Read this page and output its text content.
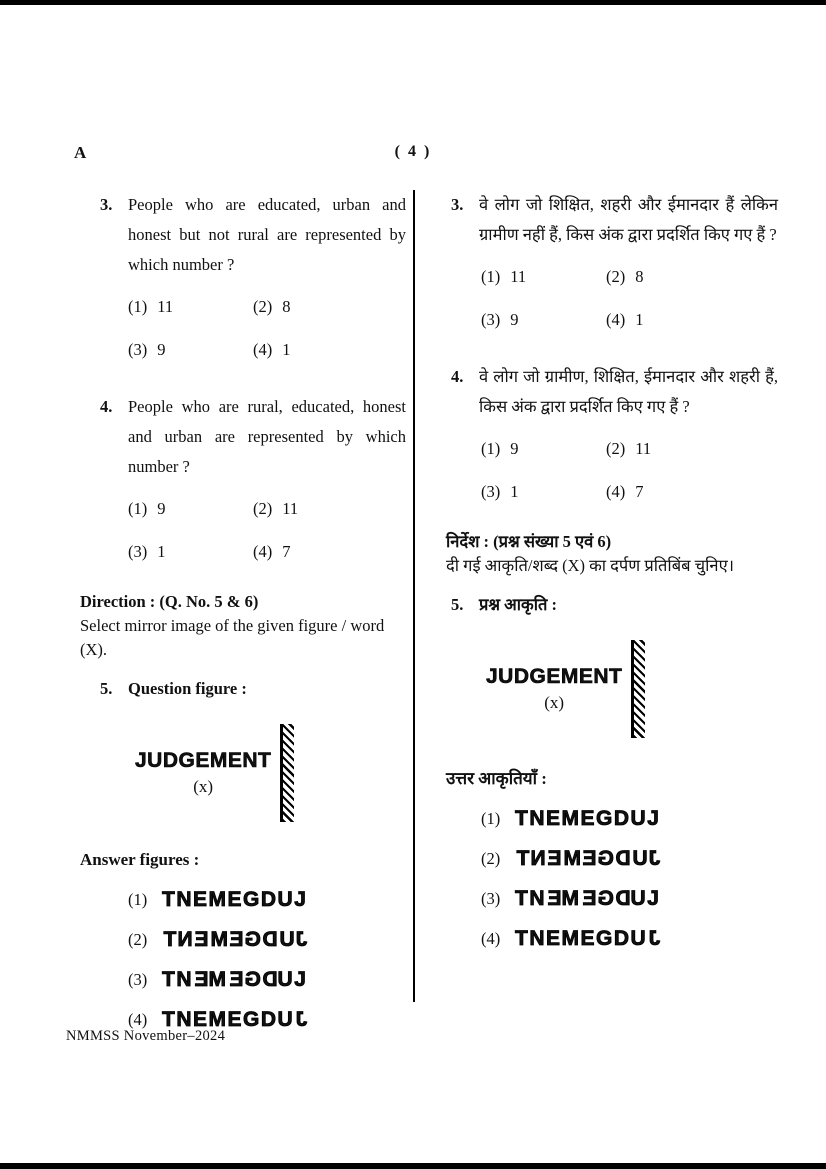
A	( 4 )
3. People who are educated, urban and honest but not rural are represented by which number ?
(1) 11	(2) 8
(3) 9	(4) 1
4. People who are rural, educated, honest and urban are represented by which number ?
(1) 9	(2) 11
(3) 1	(4) 7
Direction : (Q. No. 5 & 6)
Select mirror image of the given figure / word (X).
5. Question figure :
JUDGEMENT
(x)
Answer figures :
(1) TNEMEGDUJ
(2) TNEMEGDUJ
(3) TNEMEGDUJ
(4) TNEMEGDUJ
3. वे लोग जो शिक्षित, शहरी और ईमानदार हैं लेकिन ग्रामीण नहीं हैं, किस अंक द्वारा प्रदर्शित किए गए हैं ?
(1) 11	(2) 8
(3) 9	(4) 1
4. वे लोग जो ग्रामीण, शिक्षित, ईमानदार और शहरी हैं, किस अंक द्वारा प्रदर्शित किए गए हैं ?
(1) 9	(2) 11
(3) 1	(4) 7
निर्देश : (प्रश्न संख्या 5 एवं 6)
दी गई आकृति/शब्द (X) का दर्पण प्रतिबिंब चुनिए।
5. प्रश्न आकृति :
JUDGEMENT
(x)
उत्तर आकृतियाँ :
(1) TNEMEGDUJ
(2) TNEMEGDUJ
(3) TNEMEGDUJ
(4) TNEMEGDUJ
NMMSS November–2024
